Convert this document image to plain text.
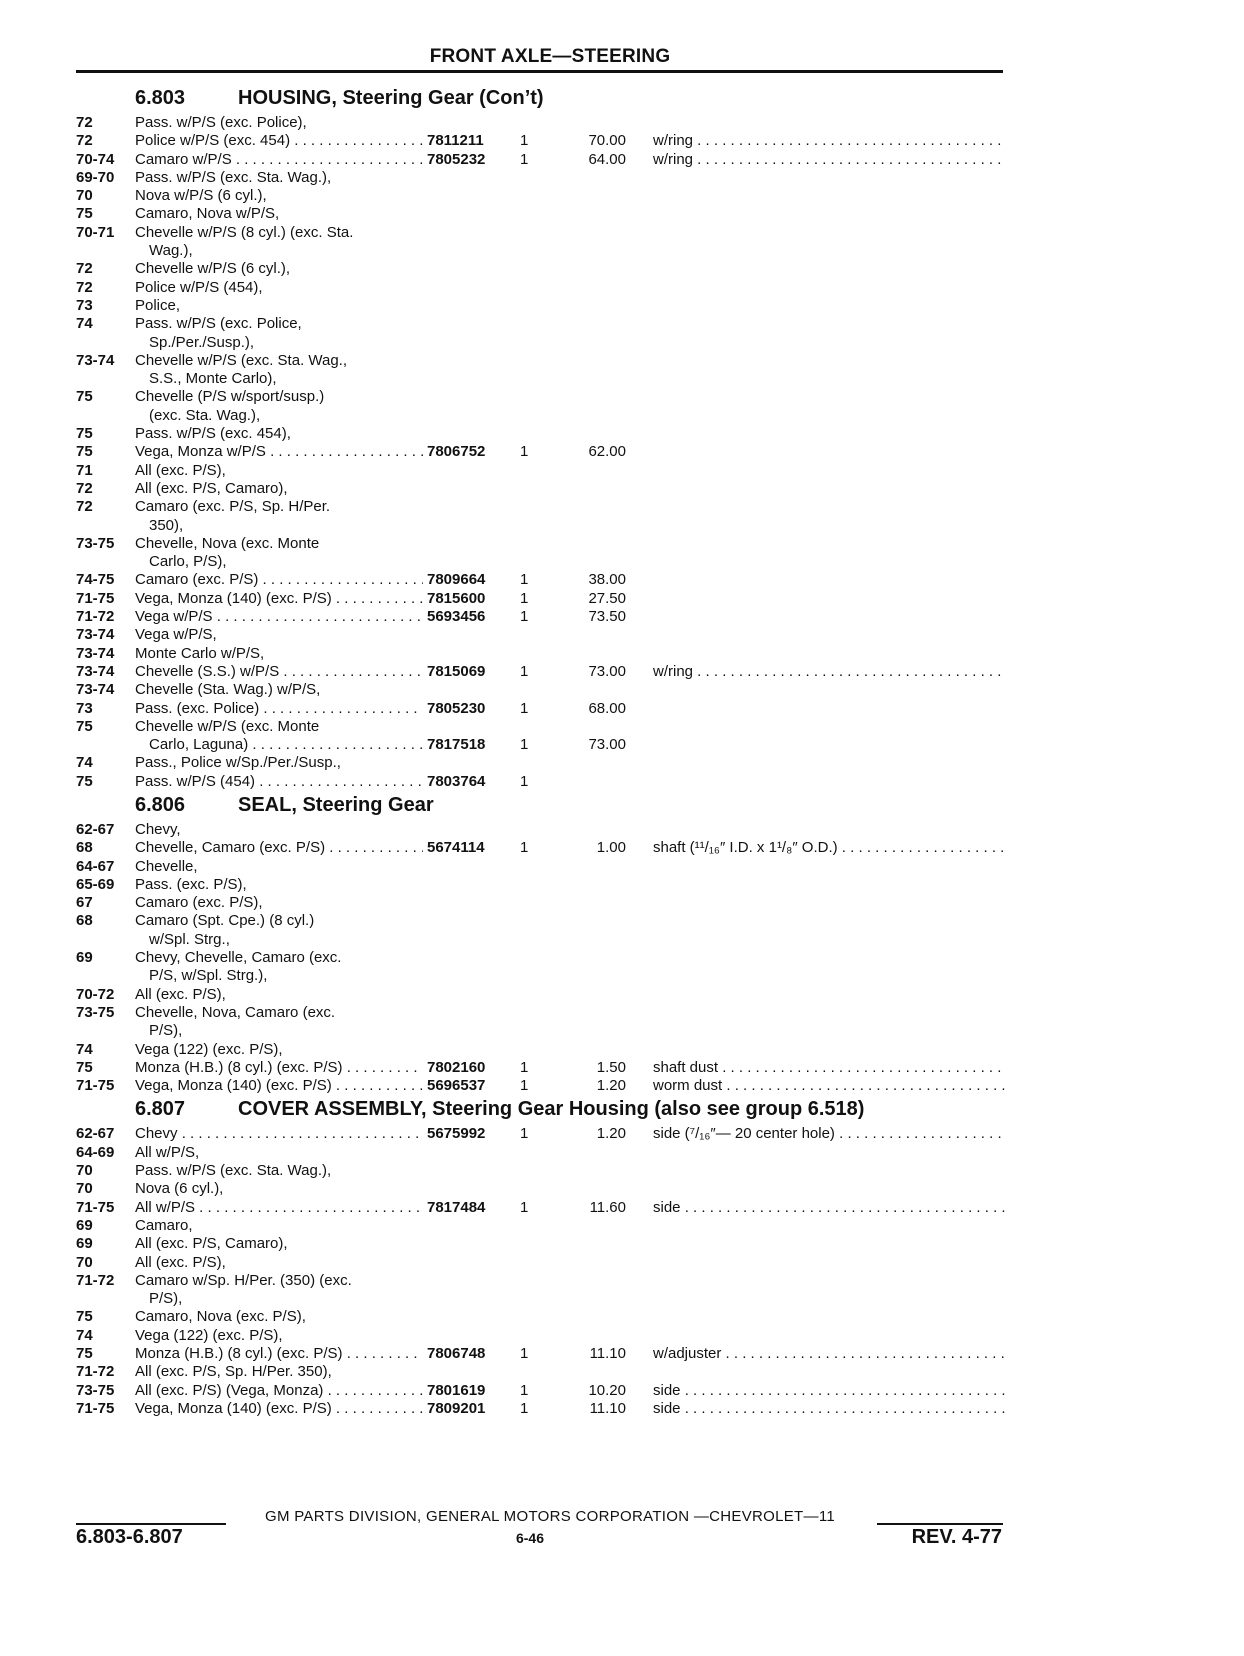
FRONT AXLE—STEERING
6.803	HOUSING, Steering Gear (Con’t)
72	Pass. w/P/S (exc. Police),
72	Police w/P/S (exc. 454) . . .	7811211	1	70.00 w/ring . . .
70-74 Camaro w/P/S . . .	7805232	1	64.00 w/ring . . .
69-70 Pass. w/P/S (exc. Sta. Wag.),
70	Nova w/P/S (6 cyl.),
75	Camaro, Nova w/P/S,
70-71 Chevelle w/P/S (8 cyl.) (exc. Sta.
Wag.),
72	Chevelle w/P/S (6 cyl.),
72	Police w/P/S (454),
73	Police,
74	Pass. w/P/S (exc. Police,
Sp./Per./Susp.),
73-74 Chevelle w/P/S (exc. Sta. Wag.,
S.S., Monte Carlo),
75	Chevelle (P/S w/sport/susp.)
(exc. Sta. Wag.),
75	Pass. w/P/S (exc. 454),
75	Vega, Monza w/P/S . . .	7806752	1	62.00
71	All (exc. P/S),
72	All (exc. P/S, Camaro),
72	Camaro (exc. P/S, Sp. H/Per.
350),
73-75 Chevelle, Nova (exc. Monte
Carlo, P/S),
74-75 Camaro (exc. P/S) . . .	7809664	1	38.00
71-75 Vega, Monza (140) (exc. P/S) . . .	7815600	1	27.50
71-72 Vega w/P/S . . .	5693456	1	73.50
73-74 Vega w/P/S,
73-74 Monte Carlo w/P/S,
73-74 Chevelle (S.S.) w/P/S . . .	7815069	1	73.00 w/ring . . .
73-74 Chevelle (Sta. Wag.) w/P/S,
73	Pass. (exc. Police) . . .	7805230	1	68.00
75	Chevelle w/P/S (exc. Monte
Carlo, Laguna) . . .	7817518	1	73.00
74	Pass., Police w/Sp./Per./Susp.,
75	Pass. w/P/S (454) . . .	7803764	1
6.806	SEAL, Steering Gear
62-67 Chevy,
68	Chevelle, Camaro (exc. P/S) . . .	5674114	1	1.00 shaft (¹¹/₁₆″ I.D. x 1¹/₈″ O.D.) . . .
64-67 Chevelle,
65-69 Pass. (exc. P/S),
67	Camaro (exc. P/S),
68	Camaro (Spt. Cpe.) (8 cyl.)
w/Spl. Strg.,
69	Chevy, Chevelle, Camaro (exc.
P/S, w/Spl. Strg.),
70-72 All (exc. P/S),
73-75 Chevelle, Nova, Camaro (exc.
P/S),
74	Vega (122) (exc. P/S),
75	Monza (H.B.) (8 cyl.) (exc. P/S) . . .	7802160	1	1.50 shaft dust . . .
71-75 Vega, Monza (140) (exc. P/S) . . .	5696537	1	1.20 worm dust . . .
6.807	COVER ASSEMBLY, Steering Gear Housing (also see group 6.518)
62-67 Chevy . . .	5675992	1	1.20 side (⁷/₁₆″— 20 center hole) . . .
64-69 All w/P/S,
70	Pass. w/P/S (exc. Sta. Wag.),
70	Nova (6 cyl.),
71-75 All w/P/S . . .	7817484	1	11.60 side . . .
69	Camaro,
69	All (exc. P/S, Camaro),
70	All (exc. P/S),
71-72 Camaro w/Sp. H/Per. (350) (exc.
P/S),
75	Camaro, Nova (exc. P/S),
74	Vega (122) (exc. P/S),
75	Monza (H.B.) (8 cyl.) (exc. P/S) . . .	7806748	1	11.10 w/adjuster . . .
71-72 All (exc. P/S, Sp. H/Per. 350),
73-75 All (exc. P/S) (Vega, Monza) . . .	7801619	1	10.20 side . . .
71-75 Vega, Monza (140) (exc. P/S) . . .	7809201	1	11.10 side . . .
GM PARTS DIVISION, GENERAL MOTORS CORPORATION —CHEVROLET—11
6.803-6.807	6-46	REV. 4-77
